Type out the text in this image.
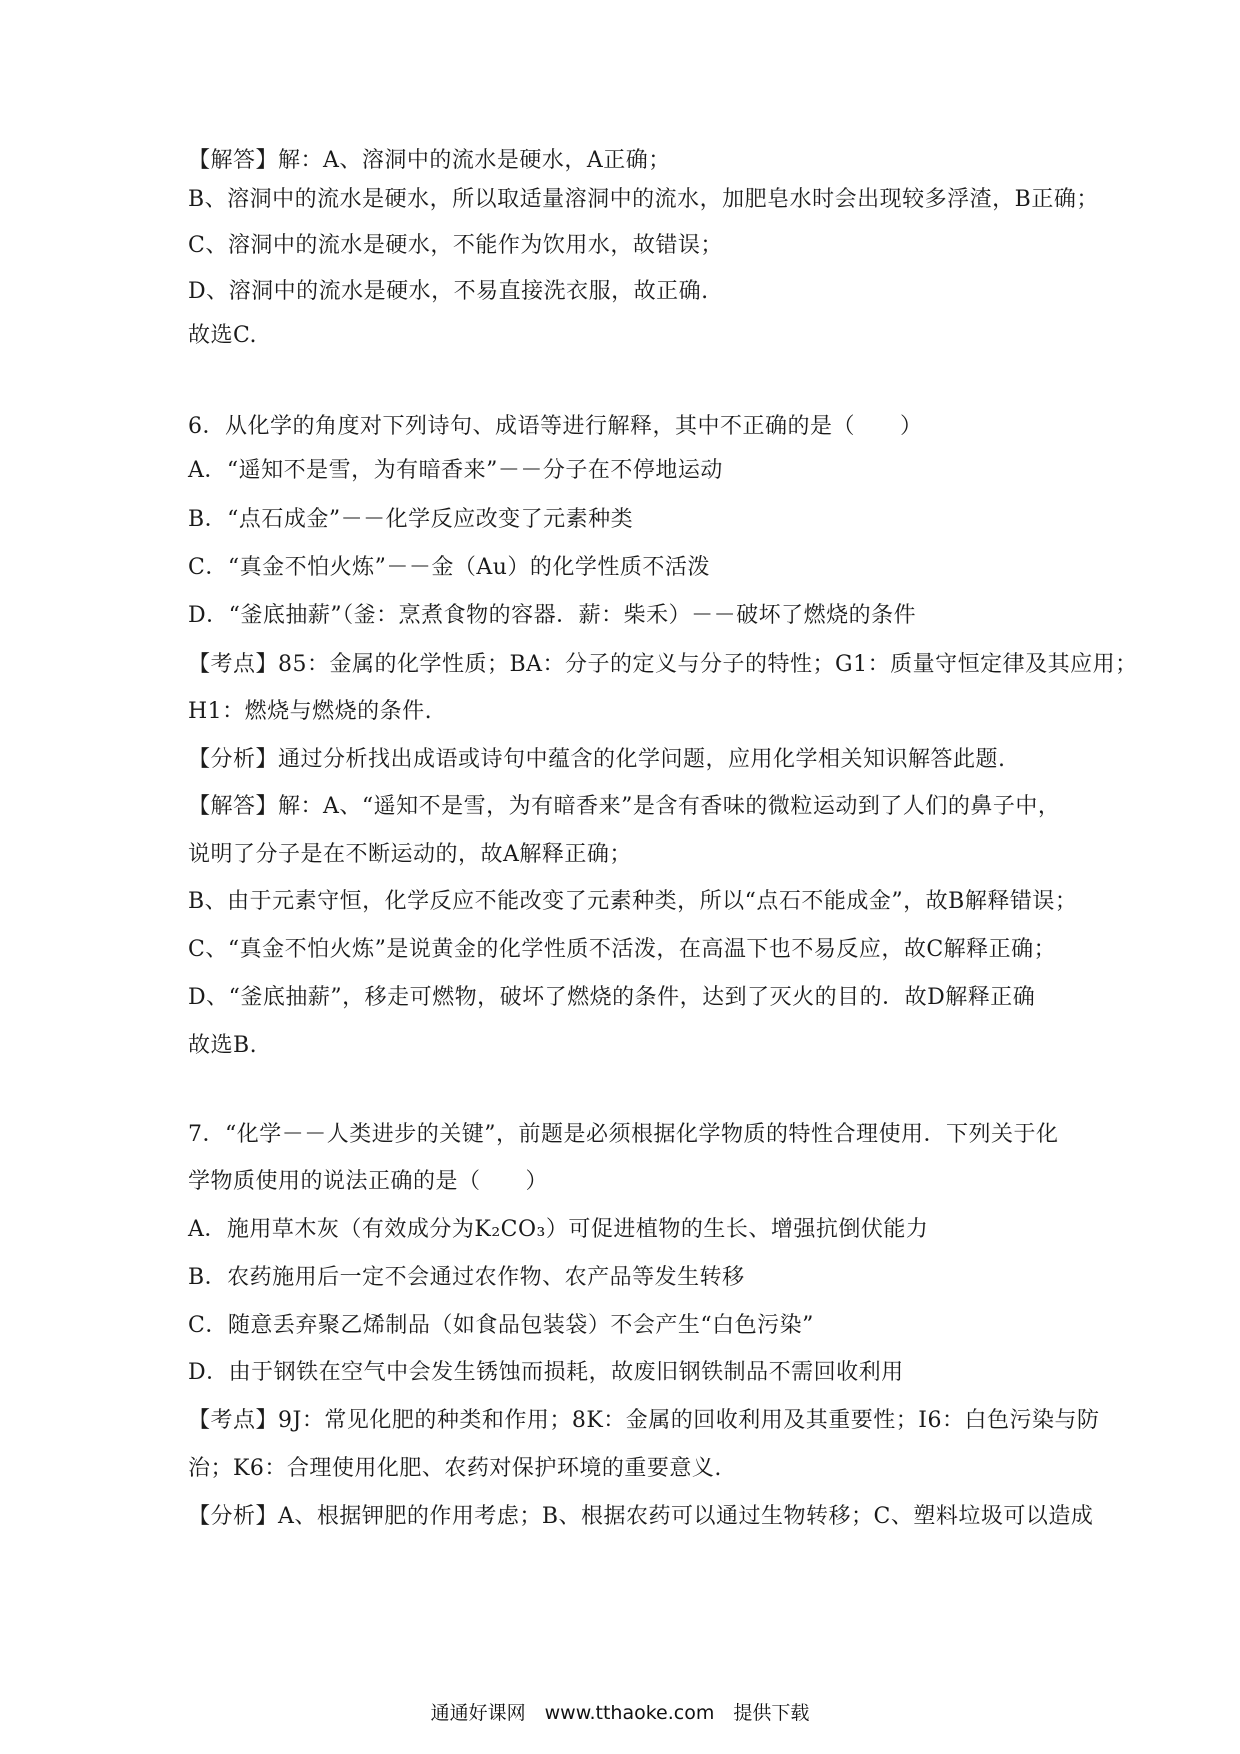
【解答】解：A、溶洞中的流水是硬水，A正确；
B、溶洞中的流水是硬水，所以取适量溶洞中的流水，加肥皂水时会出现较多浮渣，B正确；
C、溶洞中的流水是硬水，不能作为饮用水，故错误；
D、溶洞中的流水是硬水，不易直接洗衣服，故正确.
故选C.
6．从化学的角度对下列诗句、成语等进行解释，其中不正确的是（　　）
A．“遥知不是雪，为有暗香来”－－分子在不停地运动
B．“点石成金”－－化学反应改变了元素种类
C．“真金不怕火炼”－－金（Au）的化学性质不活泼
D．“釜底抽薪”（釜：烹煮食物的容器．薪：柴禾）－－破坏了燃烧的条件
【考点】85：金属的化学性质；BA：分子的定义与分子的特性；G1：质量守恒定律及其应用；
H1：燃烧与燃烧的条件.
【分析】通过分析找出成语或诗句中蕴含的化学问题，应用化学相关知识解答此题.
【解答】解：A、“遥知不是雪，为有暗香来”是含有香味的微粒运动到了人们的鼻子中，
说明了分子是在不断运动的，故A解释正确；
B、由于元素守恒，化学反应不能改变了元素种类，所以“点石不能成金”，故B解释错误；
C、“真金不怕火炼”是说黄金的化学性质不活泼，在高温下也不易反应，故C解释正确；
D、“釜底抽薪”，移走可燃物，破坏了燃烧的条件，达到了灭火的目的．故D解释正确
故选B.
7．“化学－－人类进步的关键”，前题是必须根据化学物质的特性合理使用．下列关于化
学物质使用的说法正确的是（　　）
A．施用草木灰（有效成分为K₂CO₃）可促进植物的生长、增强抗倒伏能力
B．农药施用后一定不会通过农作物、农产品等发生转移
C．随意丢弃聚乙烯制品（如食品包装袋）不会产生“白色污染”
D．由于钢铁在空气中会发生锈蚀而损耗，故废旧钢铁制品不需回收利用
【考点】9J：常见化肥的种类和作用；8K：金属的回收利用及其重要性；I6：白色污染与防
治；K6：合理使用化肥、农药对保护环境的重要意义.
【分析】A、根据钾肥的作用考虑；B、根据农药可以通过生物转移；C、塑料垃圾可以造成
通通好课网　www.tthaoke.com　提供下载
